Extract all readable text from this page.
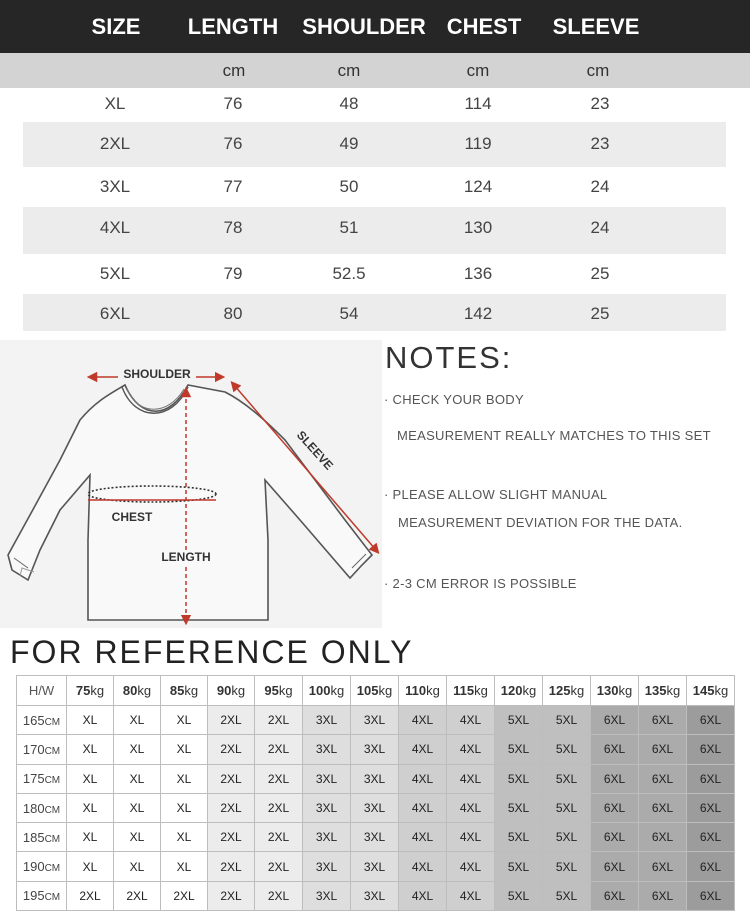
SIZE	LENGTH	SHOULDER CHEST	SLEEVE
cm	cm	cm	cm
XL	76	48	114	23
2XL	76	49	119	23
3XL	77	50	124	24
4XL	78	51	130	24
5XL	79	52.5	136	25
6XL	80	54	142	25
SHOULDER
SLEEVE
CHEST
LENGTH
NOTES:
· CHECK YOUR BODY
MEASUREMENT REALLY MATCHES TO THIS SET
· PLEASE ALLOW SLIGHT MANUAL
MEASUREMENT DEVIATION FOR THE DATA.
· 2-3 CM ERROR IS POSSIBLE
FOR REFERENCE ONLY
H/W	75kg	80kg	85kg	90kg	95kg	100kg	105kg	110kg	115kg	120kg	125kg	130kg	135kg	145kg
165CM	XL	XL	XL	2XL	2XL	3XL	3XL	4XL	4XL	5XL	5XL	6XL	6XL	6XL
170CM	XL	XL	XL	2XL	2XL	3XL	3XL	4XL	4XL	5XL	5XL	6XL	6XL	6XL
175CM	XL	XL	XL	2XL	2XL	3XL	3XL	4XL	4XL	5XL	5XL	6XL	6XL	6XL
180CM	XL	XL	XL	2XL	2XL	3XL	3XL	4XL	4XL	5XL	5XL	6XL	6XL	6XL
185CM	XL	XL	XL	2XL	2XL	3XL	3XL	4XL	4XL	5XL	5XL	6XL	6XL	6XL
190CM	XL	XL	XL	2XL	2XL	3XL	3XL	4XL	4XL	5XL	5XL	6XL	6XL	6XL
195CM	2XL	2XL	2XL	2XL	2XL	3XL	3XL	4XL	4XL	5XL	5XL	6XL	6XL	6XL
